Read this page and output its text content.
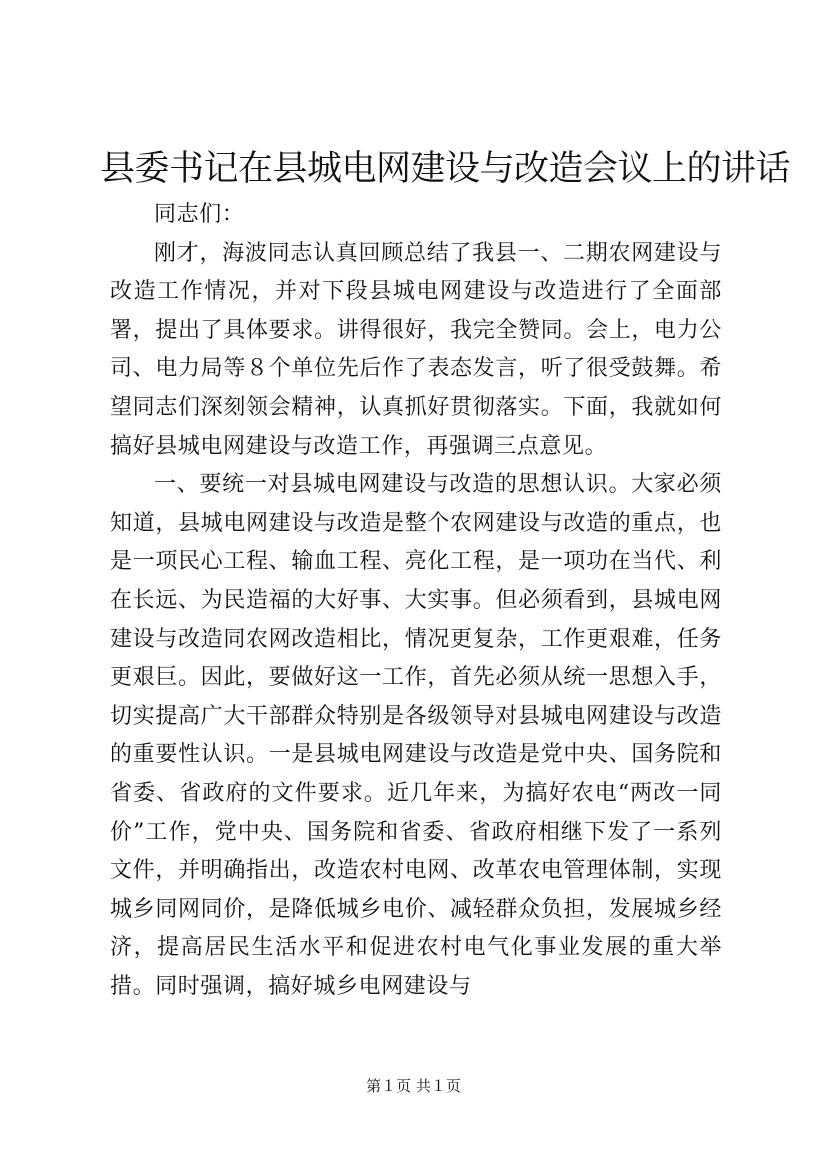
县委书记在县城电网建设与改造会议上的讲话

同志们：

刚才，海波同志认真回顾总结了我县一、二期农网建设与改造工作情况，并对下段县城电网建设与改造进行了全面部署，提出了具体要求。讲得很好，我完全赞同。会上，电力公司、电力局等８个单位先后作了表态发言，听了很受鼓舞。希望同志们深刻领会精神，认真抓好贯彻落实。下面，我就如何搞好县城电网建设与改造工作，再强调三点意见。

一、要统一对县城电网建设与改造的思想认识。大家必须知道，县城电网建设与改造是整个农网建设与改造的重点，也是一项民心工程、输血工程、亮化工程，是一项功在当代、利在长远、为民造福的大好事、大实事。但必须看到，县城电网建设与改造同农网改造相比，情况更复杂，工作更艰难，任务更艰巨。因此，要做好这一工作，首先必须从统一思想入手，切实提高广大干部群众特别是各级领导对县城电网建设与改造的重要性认识。一是县城电网建设与改造是党中央、国务院和省委、省政府的文件要求。近几年来，为搞好农电“两改一同价”工作，党中央、国务院和省委、省政府相继下发了一系列文件，并明确指出，改造农村电网、改革农电管理体制，实现城乡同网同价，是降低城乡电价、减轻群众负担，发展城乡经济，提高居民生活水平和促进农村电气化事业发展的重大举措。同时强调，搞好城乡电网建设与

第１页 共１页
